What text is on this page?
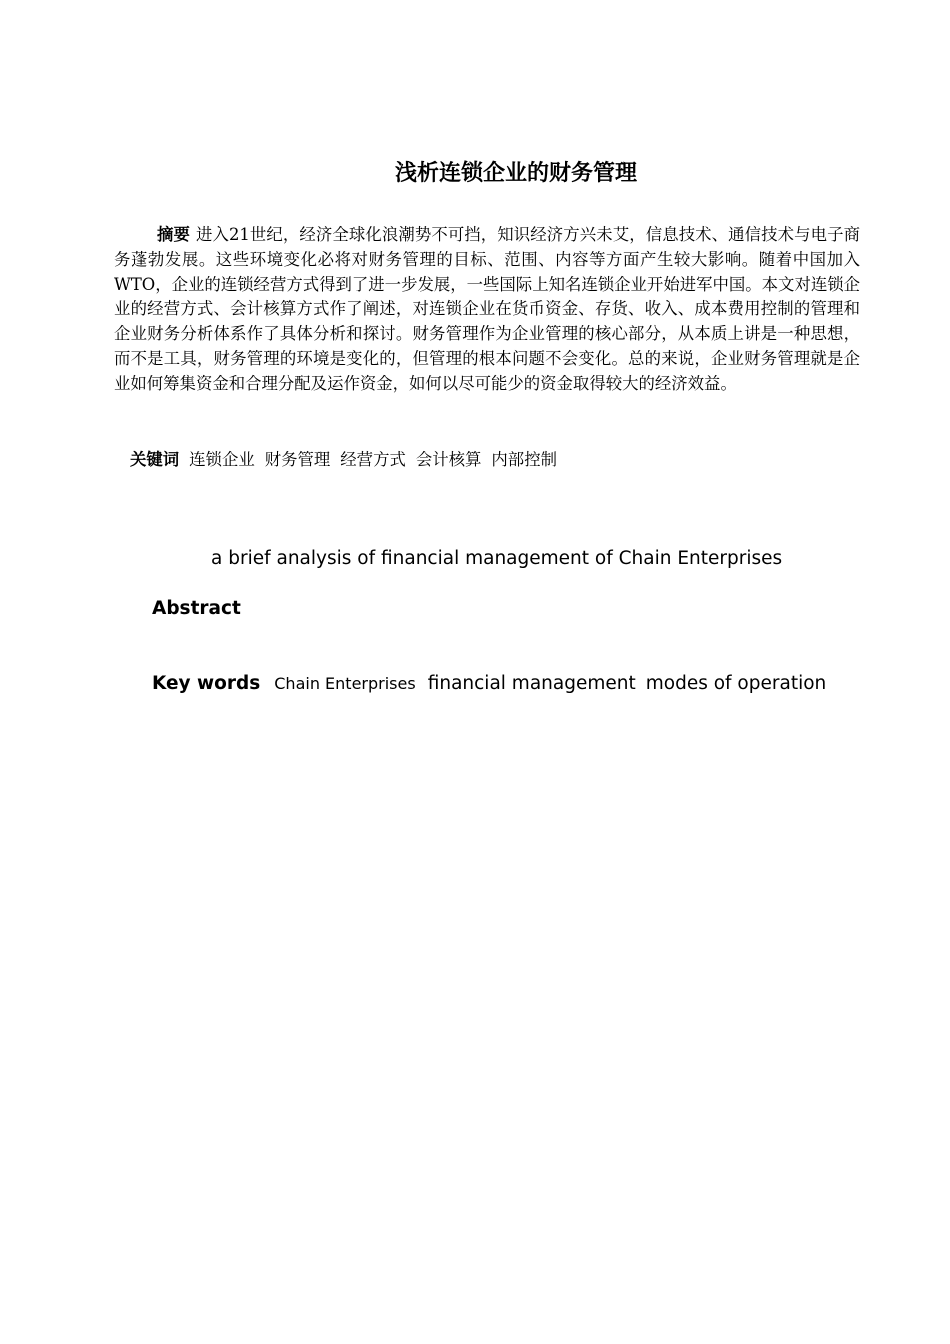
浅析连锁企业的财务管理

摘要 进入21世纪，经济全球化浪潮势不可挡，知识经济方兴未艾，信息技术、通信技术与电子商务蓬勃发展。这些环境变化必将对财务管理的目标、范围、内容等方面产生较大影响。随着中国加入WTO，企业的连锁经营方式得到了进一步发展，一些国际上知名连锁企业开始进军中国。本文对连锁企业的经营方式、会计核算方式作了阐述，对连锁企业在货币资金、存货、收入、成本费用控制的管理和企业财务分析体系作了具体分析和探讨。财务管理作为企业管理的核心部分，从本质上讲是一种思想，而不是工具，财务管理的环境是变化的，但管理的根本问题不会变化。总的来说，企业财务管理就是企业如何筹集资金和合理分配及运作资金，如何以尽可能少的资金取得较大的经济效益。

关键词 连锁企业 财务管理 经营方式 会计核算 内部控制

a brief analysis of financial management of Chain Enterprises

Abstract

Key words Chain Enterprises financial management modes of operation
